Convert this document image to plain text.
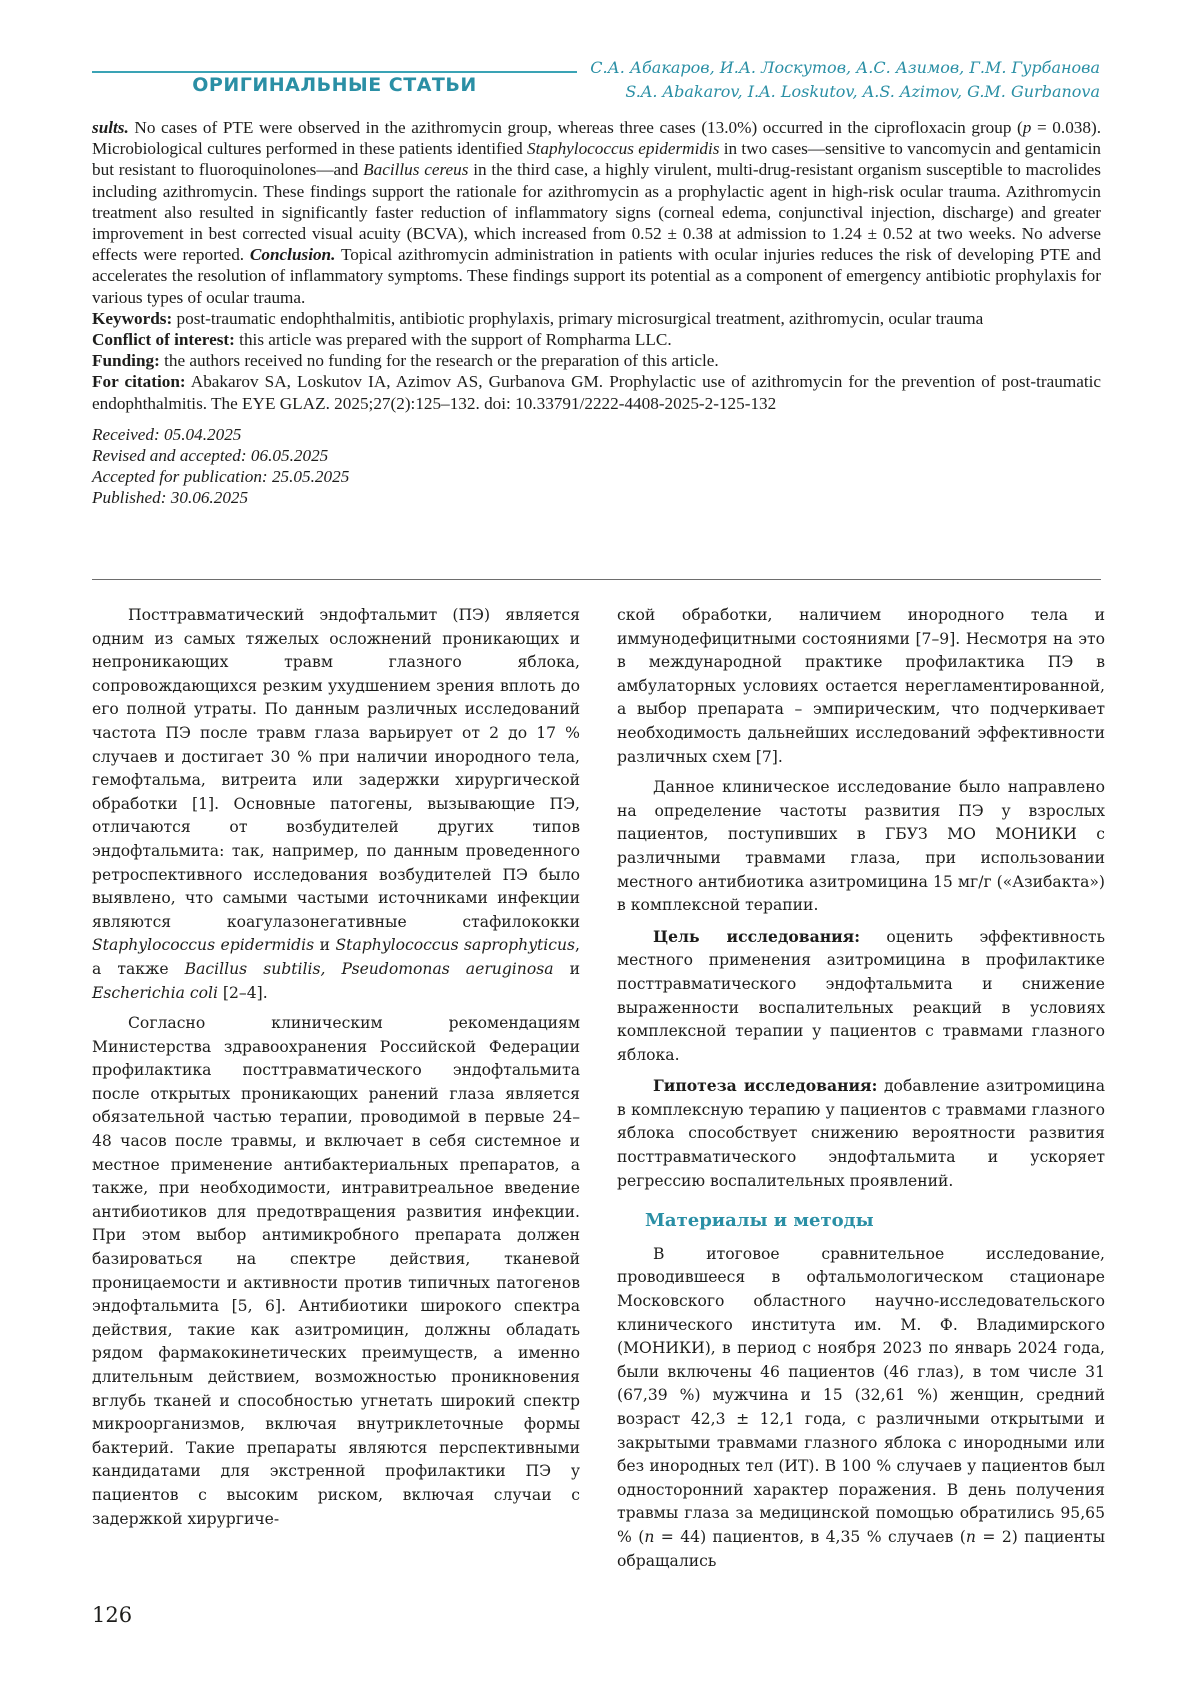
ОРИГИНАЛЬНЫЕ СТАТЬИ
С.А. Абакаров, И.А. Лоскутов, А.С. Азимов, Г.М. Гурбанова
S.A. Abakarov, I.A. Loskutov, A.S. Azimov, G.M. Gurbanova

sults. No cases of PTE were observed in the azithromycin group, whereas three cases (13.0%) occurred in the ciprofloxacin group (p = 0.038). Microbiological cultures performed in these patients identified Staphylococcus epidermidis in two cases—sensitive to vancomycin and gentamicin but resistant to fluoroquinolones—and Bacillus cereus in the third case, a highly virulent, multi-drug-resistant organism susceptible to macrolides including azithromycin. These findings support the rationale for azithromycin as a prophylactic agent in high-risk ocular trauma. Azithromycin treatment also resulted in significantly faster reduction of inflammatory signs (corneal edema, conjunctival injection, discharge) and greater improvement in best corrected visual acuity (BCVA), which increased from 0.52 ± 0.38 at admission to 1.24 ± 0.52 at two weeks. No adverse effects were reported. Conclusion. Topical azithromycin administration in patients with ocular injuries reduces the risk of developing PTE and accelerates the resolution of inflammatory symptoms. These findings support its potential as a component of emergency antibiotic prophylaxis for various types of ocular trauma.

Keywords: post-traumatic endophthalmitis, antibiotic prophylaxis, primary microsurgical treatment, azithromycin, ocular trauma

Conflict of interest: this article was prepared with the support of Rompharma LLC.

Funding: the authors received no funding for the research or the preparation of this article.

For citation: Abakarov SA, Loskutov IA, Azimov AS, Gurbanova GM. Prophylactic use of azithromycin for the prevention of post-traumatic endophthalmitis. The EYE GLAZ. 2025;27(2):125–132. doi: 10.33791/2222-4408-2025-2-125-132

Received: 05.04.2025
Revised and accepted: 06.05.2025
Accepted for publication: 25.05.2025
Published: 30.06.2025

Посттравматический эндофтальмит (ПЭ) является одним из самых тяжелых осложнений проникающих и непроникающих травм глазного яблока, сопровождающихся резким ухудшением зрения вплоть до его полной утраты. По данным различных исследований частота ПЭ после травм глаза варьирует от 2 до 17 % случаев и достигает 30 % при наличии инородного тела, гемофтальма, витреита или задержки хирургической обработки [1]. Основные патогены, вызывающие ПЭ, отличаются от возбудителей других типов эндофтальмита: так, например, по данным проведенного ретроспективного исследования возбудителей ПЭ было выявлено, что самыми частыми источниками инфекции являются коагулазонегативные стафилококки Staphylococcus epidermidis и Staphylococcus saprophyticus, а также Bacillus subtilis, Pseudomonas aeruginosa и Escherichia coli [2–4].

Согласно клиническим рекомендациям Министерства здравоохранения Российской Федерации профилактика посттравматического эндофтальмита после открытых проникающих ранений глаза является обязательной частью терапии, проводимой в первые 24–48 часов после травмы, и включает в себя системное и местное применение антибактериальных препаратов, а также, при необходимости, интравитреальное введение антибиотиков для предотвращения развития инфекции. При этом выбор антимикробного препарата должен базироваться на спектре действия, тканевой проницаемости и активности против типичных патогенов эндофтальмита [5, 6]. Антибиотики широкого спектра действия, такие как азитромицин, должны обладать рядом фармакокинетических преимуществ, а именно длительным действием, возможностью проникновения вглубь тканей и способностью угнетать широкий спектр микроорганизмов, включая внутриклеточные формы бактерий. Такие препараты являются перспективными кандидатами для экстренной профилактики ПЭ у пациентов с высоким риском, включая случаи с задержкой хирургиче-

ской обработки, наличием инородного тела и иммунодефицитными состояниями [7–9]. Несмотря на это в международной практике профилактика ПЭ в амбулаторных условиях остается нерегламентированной, а выбор препарата – эмпирическим, что подчеркивает необходимость дальнейших исследований эффективности различных схем [7].

Данное клиническое исследование было направлено на определение частоты развития ПЭ у взрослых пациентов, поступивших в ГБУЗ МО МОНИКИ с различными травмами глаза, при использовании местного антибиотика азитромицина 15 мг/г («Азибакта») в комплексной терапии.

Цель исследования: оценить эффективность местного применения азитромицина в профилактике посттравматического эндофтальмита и снижение выраженности воспалительных реакций в условиях комплексной терапии у пациентов с травмами глазного яблока.

Гипотеза исследования: добавление азитромицина в комплексную терапию у пациентов с травмами глазного яблока способствует снижению вероятности развития посттравматического эндофтальмита и ускоряет регрессию воспалительных проявлений.

Материалы и методы

В итоговое сравнительное исследование, проводившееся в офтальмологическом стационаре Московского областного научно-исследовательского клинического института им. М. Ф. Владимирского (МОНИКИ), в период с ноября 2023 по январь 2024 года, были включены 46 пациентов (46 глаз), в том числе 31 (67,39 %) мужчина и 15 (32,61 %) женщин, средний возраст 42,3 ± 12,1 года, с различными открытыми и закрытыми травмами глазного яблока с инородными или без инородных тел (ИТ). В 100 % случаев у пациентов был односторонний характер поражения. В день получения травмы глаза за медицинской помощью обратились 95,65 % (n = 44) пациентов, в 4,35 % случаев (n = 2) пациенты обращались

126
